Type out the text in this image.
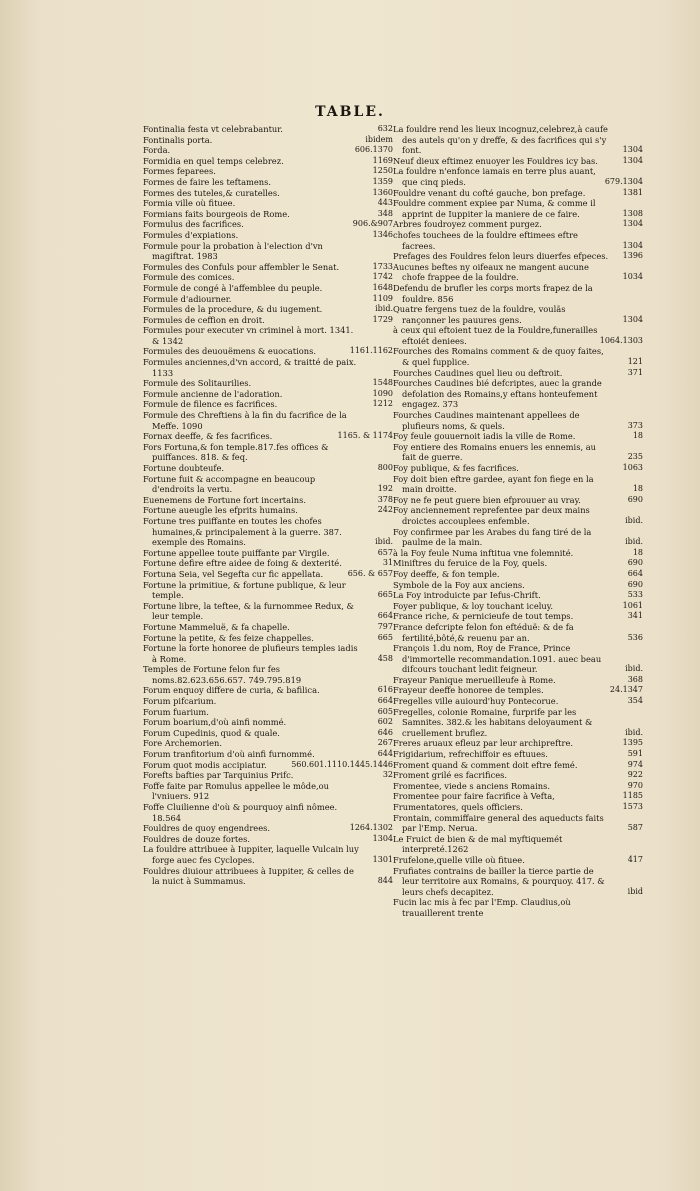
TABLE.
Fontinalia festa vt celebrabantur.	632
Fontinalis porta.	ibidem
Forda.	606.1370
Formidia en quel temps celebrez.	1169
Formes feparees.	1250
Formes de faire les teftamens.	1359
Formes des tuteles,& curatelles.	1360
Formia ville où fituee.	443
Formians faits bourgeois de Rome.	348
Formulus des facrifices.	906.&907
Formules d'expiations.	1346
Formule pour la probation à l'election d'vn magiftrat. 1983
Formules des Confuls pour affembler le Senat.	1733
Formule des comices.	1742
Formule de congé à l'affemblee du peuple.	1648
Formule d'adiourner.	1109
Formules de la procedure, & du iugement.	ibid.
Formules de ceffion en droit.	1729
Formules pour executer vn criminel à mort. 1341. & 1342
Formules des deuouëmens & euocations.	1161.1162
Formules anciennes,d'vn accord, & traitté de paix. 1133
Formule des Solitaurilies.	1548
Formule ancienne de l'adoration.	1090
Formule de filence es facrifices.	1212
Formule des Chreftiens à la fin du facrifice de la Meffe. 1090
Fornax deeffe, & fes facrifices.	1165. & 1174
Fors Fortuna,& fon temple.817.fes offices & puiffances. 818. & feq.
Fortune doubteufe.	800
Fortune fuit & accompagne en beaucoup d'endroits la vertu.	192
Euenemens de Fortune fort incertains.	378
Fortune aueugle les efprits humains.	242
Fortune tres puiffante en toutes les chofes humaines,& principalement à la guerre. 387. exemple des Romains.	ibid.
Fortune appellee toute puiffante par Virgile.	657
Fortune defire eftre aidee de foing & dexterité.	31
Fortuna Seia, vel Segefta cur fic appellata.	656. & 657
Fortune la primitiue, & fortune publique, & leur temple.	665
Fortune libre, la teftee, & la furnommee Redux, & leur temple.	664
Fortune Mammeluë, & fa chapelle.	797
Fortune la petite, & fes feize chappelles.	665
Fortune la forte honoree de plufieurs temples iadis à Rome.	458
Temples de Fortune felon fur fes noms.82.623.656.657. 749.795.819
Forum enquoy differe de curia, & bafilica.	616
Forum pifcarium.	664
Forum fuarium.	605
Forum boarium,d'où ainfi nommé.	602
Forum Cupedinis, quod & quale.	646
Fore Archemorien.	267
Forum tranfitorium d'où ainfi furnommé.	644
Forum quot modis accipiatur.	560.601.1110.1445.1446
Forefts bafties par Tarquinius Prifc.	32
Foffe faite par Romulus appellee le môde,ou l'vniuers. 912
Foffe Cluilienne d'où & pourquoy ainfi nômee. 18.564
Fouldres de quoy engendrees.	1264.1302
Fouldres de douze fortes.	1304
La fouldre attribuee à Iuppiter, laquelle Vulcain luy forge auec fes Cyclopes.	1301
Fouldres diuiour attribuees à Iuppiter, & celles de la nuict à Summamus.	844
La fouldre rend les lieux incognuz,celebrez,à caufe des autels qu'on y dreffe, & des facrifices qui s'y font.	1304
Neuf dieux eftimez enuoyer les Fouldres icy bas.	1304
La fouldre n'enfonce iamais en terre plus auant, que cinq pieds.	679.1304
Fouldre venant du cofté gauche, bon prefage.	1381
Fouldre comment expiee par Numa, & comme il apprint de Iuppiter la maniere de ce faire.	1308
Arbres foudroyez comment purgez.	1304
chofes touchees de la fouldre eftimees eftre facrees.	1304
Prefages des Fouldres felon leurs diuerfes efpeces.	1396
Aucunes beftes ny oifeaux ne mangent aucune chofe frappee de la fouldre.	1034
Defendu de brufler les corps morts frapez de la fouldre. 856
Quatre fergens tuez de la fouldre, voulãs rançonner les pauures gens.	1304
à ceux qui eftoient tuez de la Fouldre,funerailles eftoiét deniees.	1064.1303
Fourches des Romains comment & de quoy faites, & quel fupplice.	121
Fourches Caudines quel lieu ou deftroit.	371
Fourches Caudines bié defcriptes, auec la grande defolation des Romains,y eftans honteufement engagez. 373
Fourches Caudines maintenant appellees de plufieurs noms, & quels.	373
Foy feule gouuernoit iadis la ville de Rome.	18
Foy entiere des Romains enuers les ennemis, au fait de guerre.	235
Foy publique, & fes facrifices.	1063
Foy doit bien eftre gardee, ayant fon fiege en la main droitte.	18
Foy ne fe peut guere bien efprouuer au vray.	690
Foy anciennement reprefentee par deux mains droictes accouplees enfemble.	ibid.
Foy confirmee par les Arabes du fang tiré de la paulme de la main.	ibid.
à la Foy feule Numa inftitua vne folemnité.	18
Miniftres du feruice de la Foy, quels.	690
Foy deeffe, & fon temple.	664
Symbole de la Foy aux anciens.	690
La Foy introduicte par Iefus-Chrift.	533
Foyer publique, & loy touchant iceluy.	1061
France riche, & pernicieufe de tout temps.	341
France defcripte felon fon eftéduë: & de fa fertilité,bôté,& reuenu par an.	536
François 1.du nom, Roy de France, Prince d'immortelle recommandation.1091. auec beau difcours touchant ledit feigneur.	ibid.
Frayeur Panique merueilleufe à Rome.	368
Frayeur deeffe honoree de temples.	24.1347
Fregelles ville auiourd'huy Pontecorue.	354
Fregelles, colonie Romaine, furprife par les Samnites. 382.& les habitans deloyaument & cruellement bruflez.	ibid.
Freres aruaux efleuz par leur archipreftre.	1395
Frigidarium, refrechiffoir es eftuues.	591
Froment quand & comment doit eftre femé.	974
Froment grilé es facrifices.	922
Fromentee, viede s anciens Romains.	970
Fromentee pour faire facrifice à Vefta,	1185
Frumentatores, quels officiers.	1573
Frontain, commiffaire general des aqueducts faits par l'Emp. Nerua.	587
Le Fruict de bien & de mal myftiquemét interpreté.1262
Frufelone,quelle ville où fituee.	417
Frufiates contrains de bailler la tierce partie de leur territoire aux Romains, & pourquoy. 417. & leurs chefs decapitez.	ibid
Fucin lac mis à fec par l'Emp. Claudius,où trauaillerent trente
